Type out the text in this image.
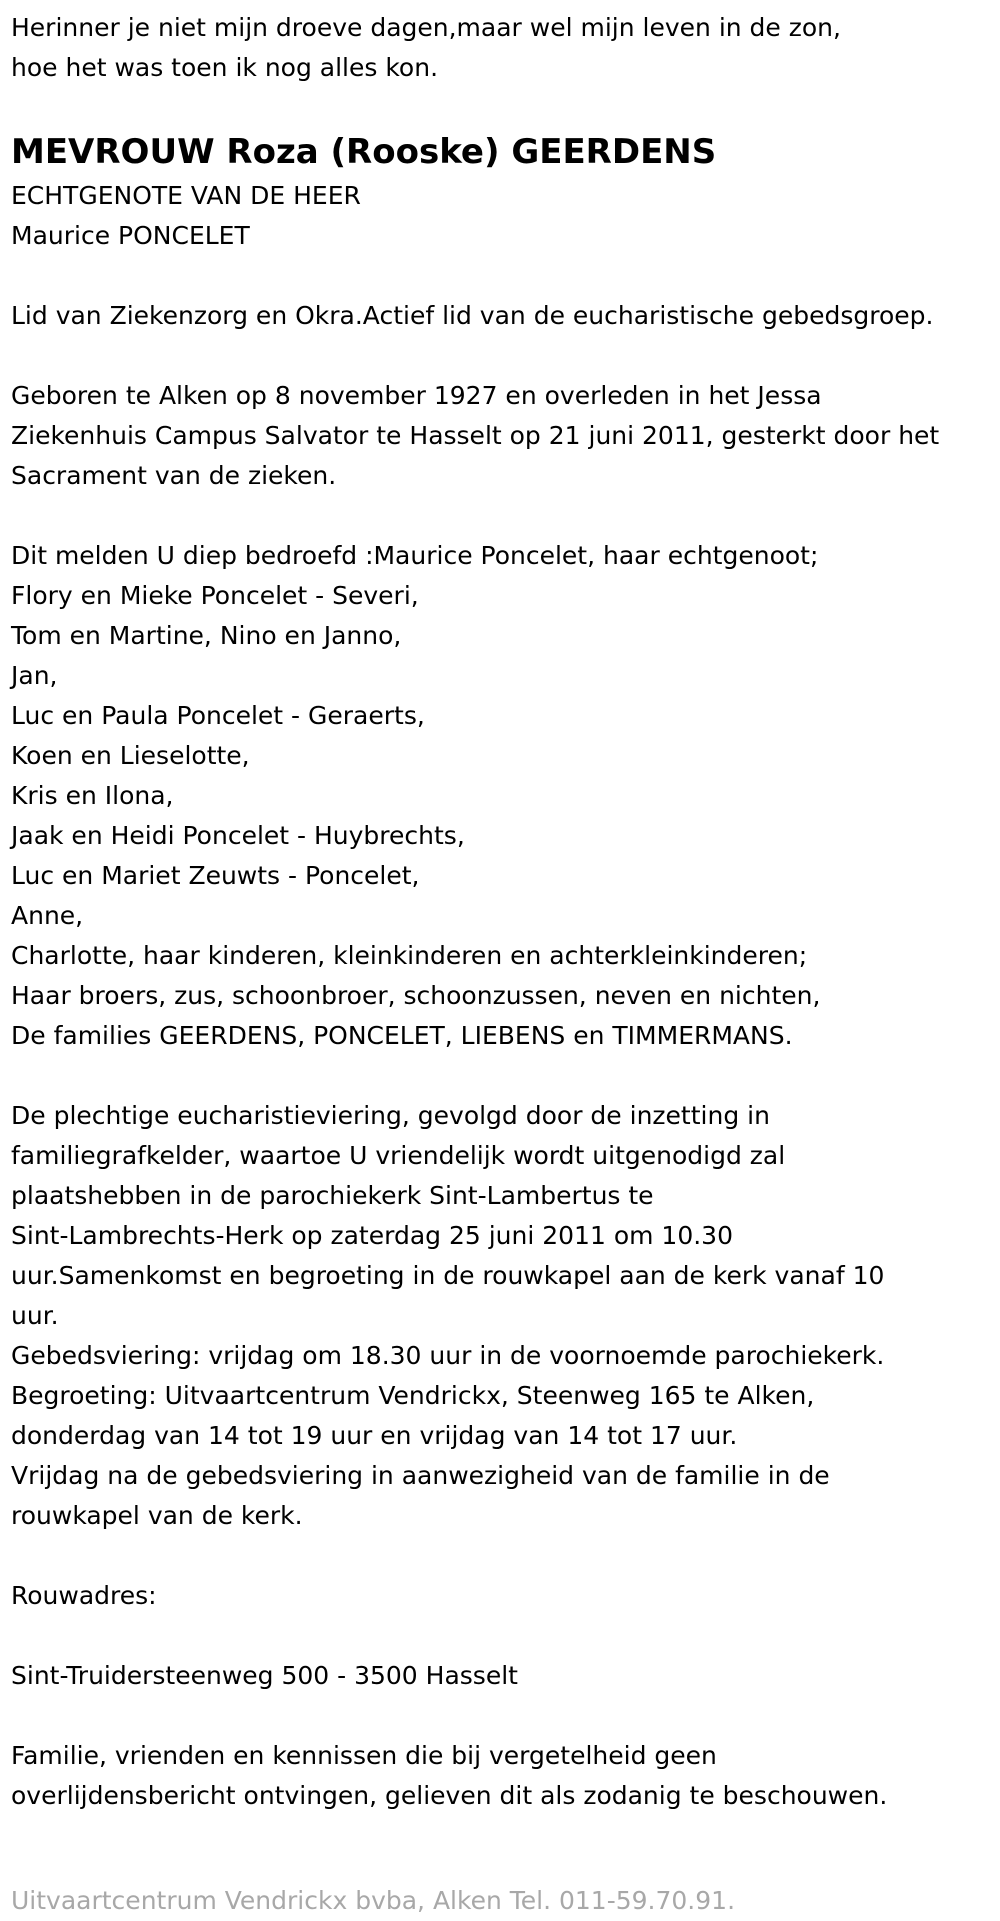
Herinner je niet mijn droeve dagen,maar wel mijn leven in de zon,

hoe het was toen ik nog alles kon.

MEVROUW Roza (Rooske) GEERDENS

ECHTGENOTE VAN DE HEER

Maurice PONCELET

Lid van Ziekenzorg en Okra.Actief lid van de eucharistische gebedsgroep.

Geboren te Alken op 8 november 1927 en overleden in het Jessa

Ziekenhuis Campus Salvator te Hasselt op 21 juni 2011, gesterkt door het

Sacrament van de zieken.

Dit melden U diep bedroefd :Maurice Poncelet, haar echtgenoot;

Flory en Mieke Poncelet - Severi,

Tom en Martine, Nino en Janno,

Jan,

Luc en Paula Poncelet - Geraerts,

Koen en Lieselotte,

Kris en Ilona,

Jaak en Heidi Poncelet - Huybrechts,

Luc en Mariet Zeuwts - Poncelet,

Anne,

Charlotte, haar kinderen, kleinkinderen en achterkleinkinderen;

Haar broers, zus, schoonbroer, schoonzussen, neven en nichten,

De families GEERDENS, PONCELET, LIEBENS en TIMMERMANS.

De plechtige eucharistieviering, gevolgd door de inzetting in

familiegrafkelder, waartoe U vriendelijk wordt uitgenodigd zal

plaatshebben in de parochiekerk Sint-Lambertus te

Sint-Lambrechts-Herk op zaterdag 25 juni 2011 om 10.30

uur.Samenkomst en begroeting in de rouwkapel aan de kerk vanaf 10

uur.

Gebedsviering: vrijdag om 18.30 uur in de voornoemde parochiekerk.

Begroeting: Uitvaartcentrum Vendrickx, Steenweg 165 te Alken,

donderdag van 14 tot 19 uur en vrijdag van 14 tot 17 uur.

Vrijdag na de gebedsviering in aanwezigheid van de familie in de

rouwkapel van de kerk.

Rouwadres:

Sint-Truidersteenweg 500 - 3500 Hasselt

Familie, vrienden en kennissen die bij vergetelheid geen

overlijdensbericht ontvingen, gelieven dit als zodanig te beschouwen.

Uitvaartcentrum Vendrickx bvba, Alken Tel. 011-59.70.91.
